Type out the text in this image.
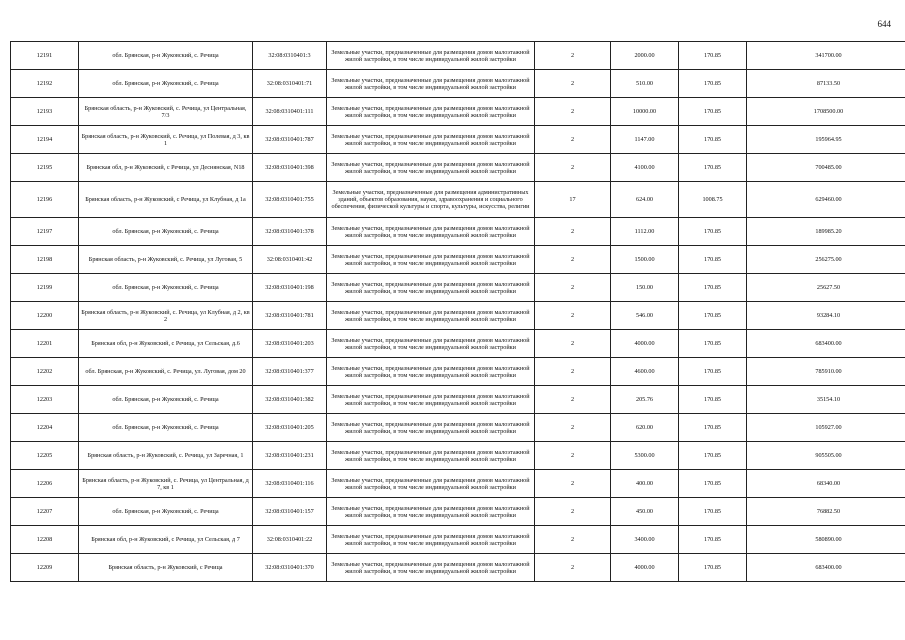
644
12191	обл. Брянская, р-н Жуковский, с. Речица	32:08:0310401:3	Земельные участки, предназначенные для размещения домов малоэтажной жилой застройки, в том числе индивидуальной жилой застройки	2	2000.00	170.85	341700.00
12192	обл. Брянская, р-н Жуковский, с. Речица	32:08:0310401:71	Земельные участки, предназначенные для размещения домов малоэтажной жилой застройки, в том числе индивидуальной жилой застройки	2	510.00	170.85	87133.50
12193	Брянская область, р-н Жуковский, с. Речица, ул Центральная, 7/3	32:08:0310401:111	Земельные участки, предназначенные для размещения домов малоэтажной жилой застройки, в том числе индивидуальной жилой застройки	2	10000.00	170.85	1708500.00
12194	Брянская область, р-н Жуковский, с. Речица, ул Полевая, д 3, кв 1	32:08:0310401:787	Земельные участки, предназначенные для размещения домов малоэтажной жилой застройки, в том числе индивидуальной жилой застройки	2	1147.00	170.85	195964.95
12195	Брянская обл, р-н Жуковский, с Речица, ул Деснянская, N18	32:08:0310401:398	Земельные участки, предназначенные для размещения домов малоэтажной жилой застройки, в том числе индивидуальной жилой застройки	2	4100.00	170.85	700485.00
12196	Брянская область, р-н Жуковский, с Речица, ул Клубная, д 1а	32:08:0310401:755	Земельные участки, предназначенные для размещения административных зданий, объектов образования, науки, здравоохранения и социального обеспечения, физической культуры и спорта, культуры, искусства, религии	17	624.00	1008.75	629460.00
12197	обл. Брянская, р-н Жуковский, с. Речица	32:08:0310401:378	Земельные участки, предназначенные для размещения домов малоэтажной жилой застройки, в том числе индивидуальной жилой застройки	2	1112.00	170.85	189985.20
12198	Брянская область, р-н Жуковский, с. Речица, ул Луговая, 5	32:08:0310401:42	Земельные участки, предназначенные для размещения домов малоэтажной жилой застройки, в том числе индивидуальной жилой застройки	2	1500.00	170.85	256275.00
12199	обл. Брянская, р-н Жуковский, с. Речица	32:08:0310401:198	Земельные участки, предназначенные для размещения домов малоэтажной жилой застройки, в том числе индивидуальной жилой застройки	2	150.00	170.85	25627.50
12200	Брянская область, р-н Жуковский, с. Речица, ул Клубная, д 2, кв 2	32:08:0310401:781	Земельные участки, предназначенные для размещения домов малоэтажной жилой застройки, в том числе индивидуальной жилой застройки	2	546.00	170.85	93284.10
12201	Брянская обл, р-н Жуковский, с Речица, ул Сельская, д.6	32:08:0310401:203	Земельные участки, предназначенные для размещения домов малоэтажной жилой застройки, в том числе индивидуальной жилой застройки	2	4000.00	170.85	683400.00
12202	обл. Брянская, р-н Жуковский, с. Речица, ул. Луговая, дом 20	32:08:0310401:377	Земельные участки, предназначенные для размещения домов малоэтажной жилой застройки, в том числе индивидуальной жилой застройки	2	4600.00	170.85	785910.00
12203	обл. Брянская, р-н Жуковский, с. Речица	32:08:0310401:382	Земельные участки, предназначенные для размещения домов малоэтажной жилой застройки, в том числе индивидуальной жилой застройки	2	205.76	170.85	35154.10
12204	обл. Брянская, р-н Жуковский, с. Речица	32:08:0310401:205	Земельные участки, предназначенные для размещения домов малоэтажной жилой застройки, в том числе индивидуальной жилой застройки	2	620.00	170.85	105927.00
12205	Брянская область, р-н Жуковский, с. Речица, ул Заречная, 1	32:08:0310401:231	Земельные участки, предназначенные для размещения домов малоэтажной жилой застройки, в том числе индивидуальной жилой застройки	2	5300.00	170.85	905505.00
12206	Брянская область, р-н Жуковский, с. Речица, ул Центральная, д 7, кв 1	32:08:0310401:116	Земельные участки, предназначенные для размещения домов малоэтажной жилой застройки, в том числе индивидуальной жилой застройки	2	400.00	170.85	68340.00
12207	обл. Брянская, р-н Жуковский, с. Речица	32:08:0310401:157	Земельные участки, предназначенные для размещения домов малоэтажной жилой застройки, в том числе индивидуальной жилой застройки	2	450.00	170.85	76882.50
12208	Брянская обл, р-н Жуковский, с Речица, ул Сельская, д 7	32:08:0310401:22	Земельные участки, предназначенные для размещения домов малоэтажной жилой застройки, в том числе индивидуальной жилой застройки	2	3400.00	170.85	580890.00
12209	Брянская область, р-н Жуковский, с Речица	32:08:0310401:370	Земельные участки, предназначенные для размещения домов малоэтажной жилой застройки, в том числе индивидуальной жилой застройки	2	4000.00	170.85	683400.00
